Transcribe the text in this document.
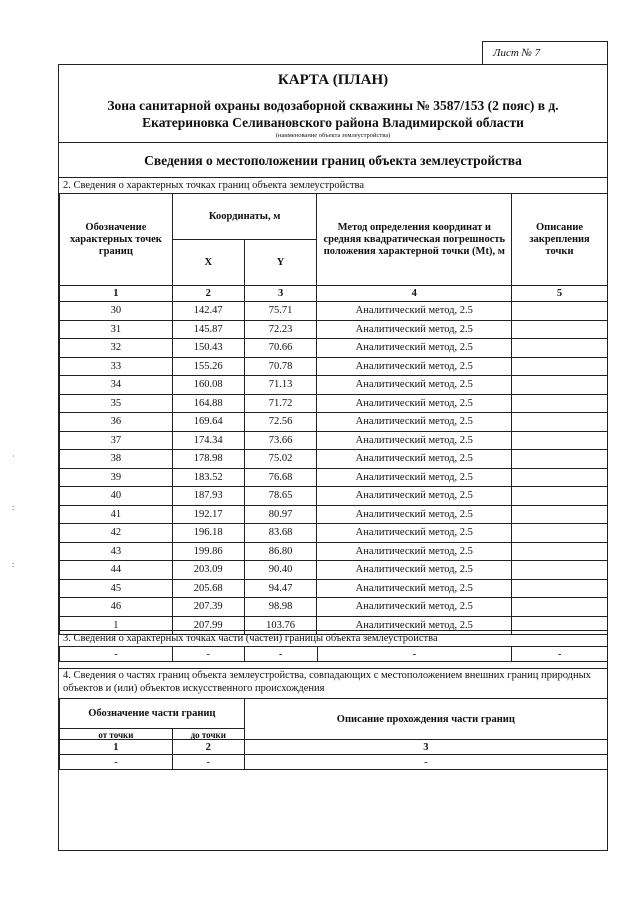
Лист № 7
КАРТА (ПЛАН)
Зона санитарной охраны водозаборной скважины № 3587/153 (2 пояс) в д.
Екатериновка Селивановского района Владимирской области
(наименование объекта землеустройства)
Сведения о местоположении границ объекта землеустройства
2. Сведения о характерных точках границ объекта землеустройства
Обозначение характерных точек границ	Координаты, м		Метод определения координат и средняя квадратическая погрешность положения характерной точки (Mt), м	Описание закрепления точки
	X	Y		
1	2	3	4	5
30	142.47	75.71	Аналитический метод, 2.5	
31	145.87	72.23	Аналитический метод, 2.5	
32	150.43	70.66	Аналитический метод, 2.5	
33	155.26	70.78	Аналитический метод, 2.5	
34	160.08	71.13	Аналитический метод, 2.5	
35	164.88	71.72	Аналитический метод, 2.5	
36	169.64	72.56	Аналитический метод, 2.5	
37	174.34	73.66	Аналитический метод, 2.5	
38	178.98	75.02	Аналитический метод, 2.5	
39	183.52	76.68	Аналитический метод, 2.5	
40	187.93	78.65	Аналитический метод, 2.5	
41	192.17	80.97	Аналитический метод, 2.5	
42	196.18	83.68	Аналитический метод, 2.5	
43	199.86	86.80	Аналитический метод, 2.5	
44	203.09	90.40	Аналитический метод, 2.5	
45	205.68	94.47	Аналитический метод, 2.5	
46	207.39	98.98	Аналитический метод, 2.5	
1	207.99	103.76	Аналитический метод, 2.5	
3. Сведения о характерных точках части (частей) границы объекта землеустройства
-	-	-	-	-
4. Сведения о частях границ объекта землеустройства, совпадающих с местоположением внешних границ природных объектов и (или) объектов искусственного происхождения
Обозначение части границ		Описание прохождения части границ

от точки	до точки	

1	2	3
-	-	-
·
:
:
